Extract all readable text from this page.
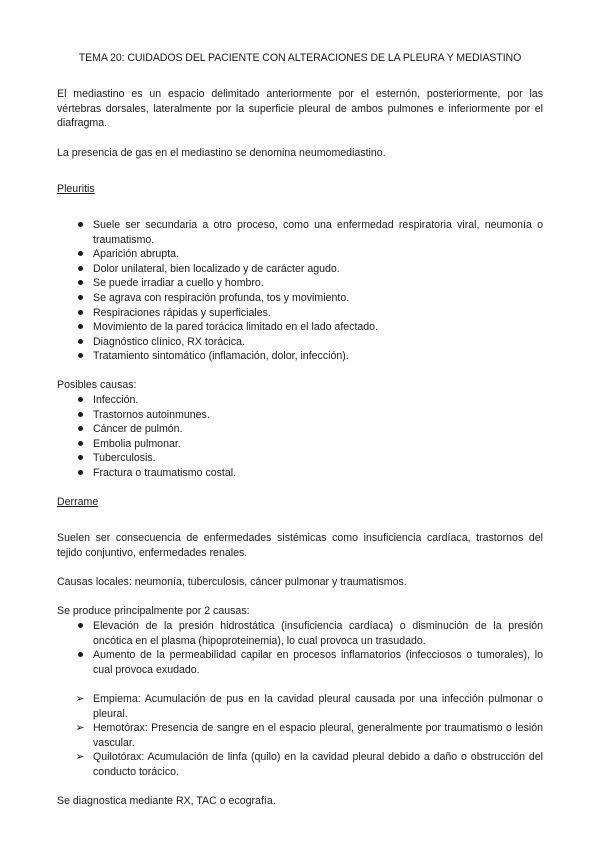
TEMA 20: CUIDADOS DEL PACIENTE CON ALTERACIONES DE LA PLEURA Y MEDIASTINO

El mediastino es un espacio delimitado anteriormente por el esternón, posteriormente, por las vértebras dorsales, lateralmente por la superficie pleural de ambos pulmones e inferiormente por el diafragma.

La presencia de gas en el mediastino se denomina neumomediastino.

Pleuritis

Suele ser secundaria a otro proceso, como una enfermedad respiratoria viral, neumonía o traumatismo.
Aparición abrupta.
Dolor unilateral, bien localizado y de carácter agudo.
Se puede irradiar a cuello y hombro.
Se agrava con respiración profunda, tos y movimiento.
Respiraciones rápidas y superficiales.
Movimiento de la pared torácica limitado en el lado afectado.
Diagnóstico clínico, RX torácica.
Tratamiento sintomático (inflamación, dolor, infección).

Posibles causas:

Infección.
Trastornos autoinmunes.
Cáncer de pulmón.
Embolia pulmonar.
Tuberculosis.
Fractura o traumatismo costal.

Derrame

Suelen ser consecuencia de enfermedades sistémicas como insuficiencia cardíaca, trastornos del tejido conjuntivo, enfermedades renales.

Causas locales: neumonía, tuberculosis, cáncer pulmonar y traumatismos.

Se produce principalmente por 2 causas:

Elevación de la presión hidrostática (insuficiencia cardíaca) o disminución de la presión oncótica en el plasma (hipoproteinemia), lo cual provoca un trasudado.
Aumento de la permeabilidad capilar en procesos inflamatorios (infecciosos o tumorales), lo cual provoca exudado.
➢ Empiema: Acumulación de pus en la cavidad pleural causada por una infección pulmonar o pleural.
➢ Hemotórax: Presencia de sangre en el espacio pleural, generalmente por traumatismo o lesión vascular.
➢ Quilotórax: Acumulación de linfa (quilo) en la cavidad pleural debido a daño o obstrucción del conducto torácico.

Se diagnostica mediante RX, TAC o ecografía.
